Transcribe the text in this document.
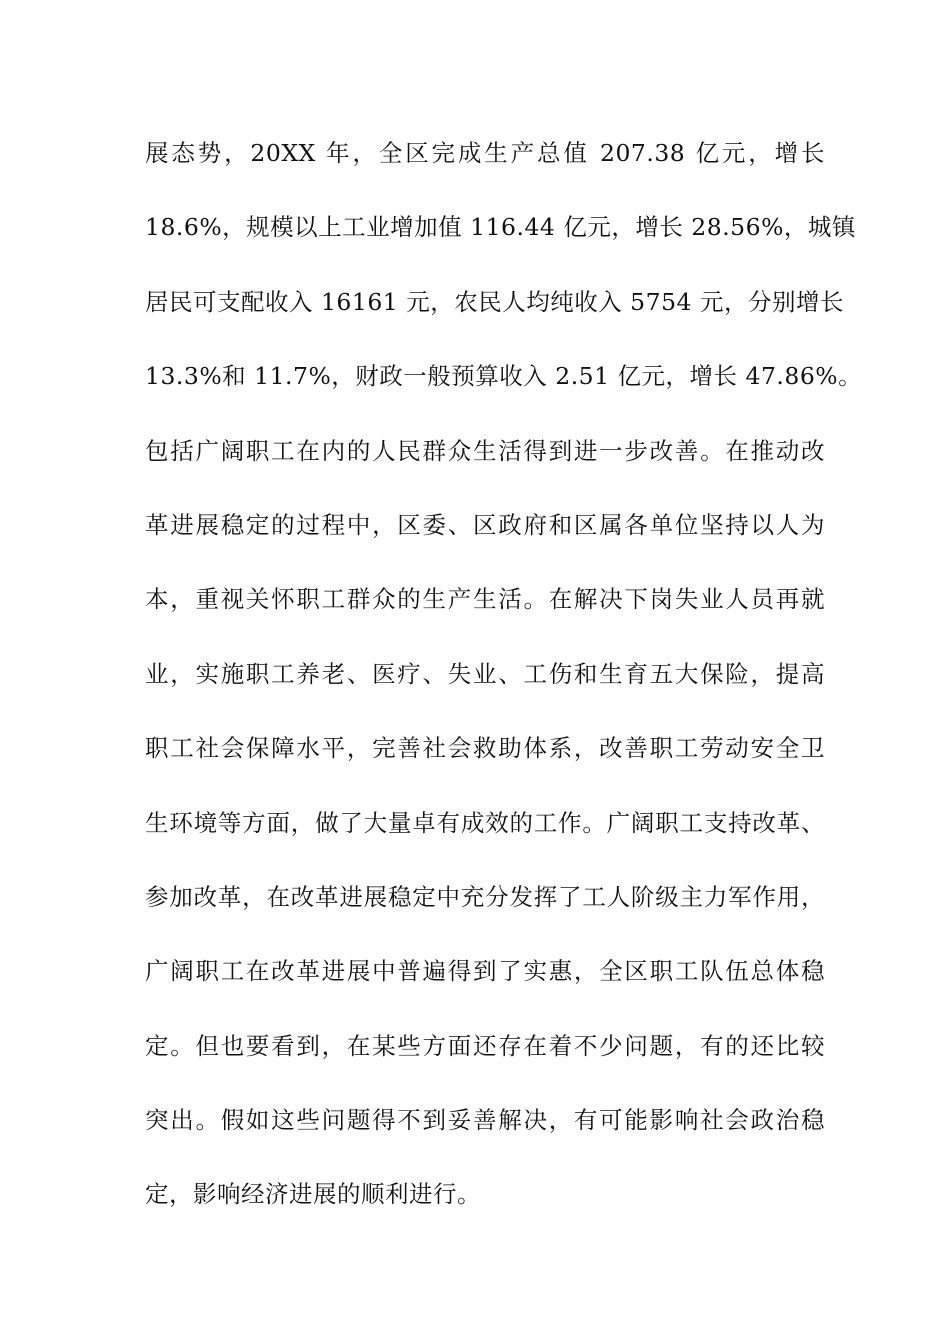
展态势，20XX 年，全区完成生产总值 207.38 亿元，增长
18.6%，规模以上工业增加值 116.44 亿元，增长 28.56%，城镇
居民可支配收入 16161 元，农民人均纯收入 5754 元，分别增长
13.3%和 11.7%，财政一般预算收入 2.51 亿元，增长 47.86%。
包括广阔职工在内的人民群众生活得到进一步改善。在推动改
革进展稳定的过程中，区委、区政府和区属各单位坚持以人为
本，重视关怀职工群众的生产生活。在解决下岗失业人员再就
业，实施职工养老、医疗、失业、工伤和生育五大保险，提高
职工社会保障水平，完善社会救助体系，改善职工劳动安全卫
生环境等方面，做了大量卓有成效的工作。广阔职工支持改革、
参加改革，在改革进展稳定中充分发挥了工人阶级主力军作用，
广阔职工在改革进展中普遍得到了实惠，全区职工队伍总体稳
定。但也要看到，在某些方面还存在着不少问题，有的还比较
突出。假如这些问题得不到妥善解决，有可能影响社会政治稳
定，影响经济进展的顺利进行。
